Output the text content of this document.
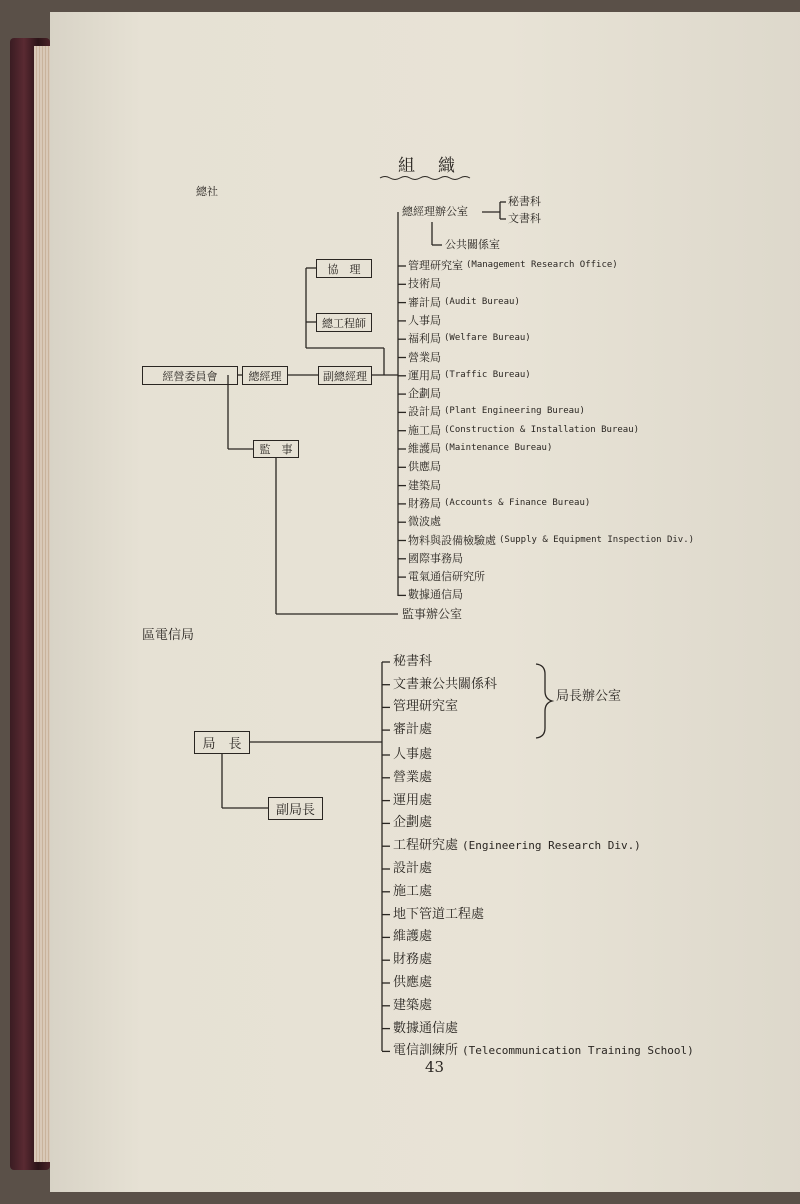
組　織
總社
經營委員會	總經理	副總經理
協　理
總工程師
監　事
總經理辦公室
秘書科
文書科
公共關係室
管理研究室 (Management Research Office)
技術局
審計局 (Audit Bureau)
人事局
福利局 (Welfare Bureau)
營業局
運用局 (Traffic Bureau)
企劃局
設計局 (Plant Engineering Bureau)
施工局 (Construction & Installation Bureau)
維護局 (Maintenance Bureau)
供應局
建築局
財務局 (Accounts & Finance Bureau)
微波處
物料與設備檢驗處 (Supply & Equipment Inspection Div.)
國際事務局
電氣通信研究所
數據通信局
監事辦公室
區電信局
局　長
副局長
局長辦公室
秘書科
文書兼公共關係科
管理研究室
審計處
人事處
營業處
運用處
企劃處
工程研究處 (Engineering Research Div.)
設計處
施工處
地下管道工程處
維護處
財務處
供應處
建築處
數據通信處
電信訓練所 (Telecommunication Training School)
43
